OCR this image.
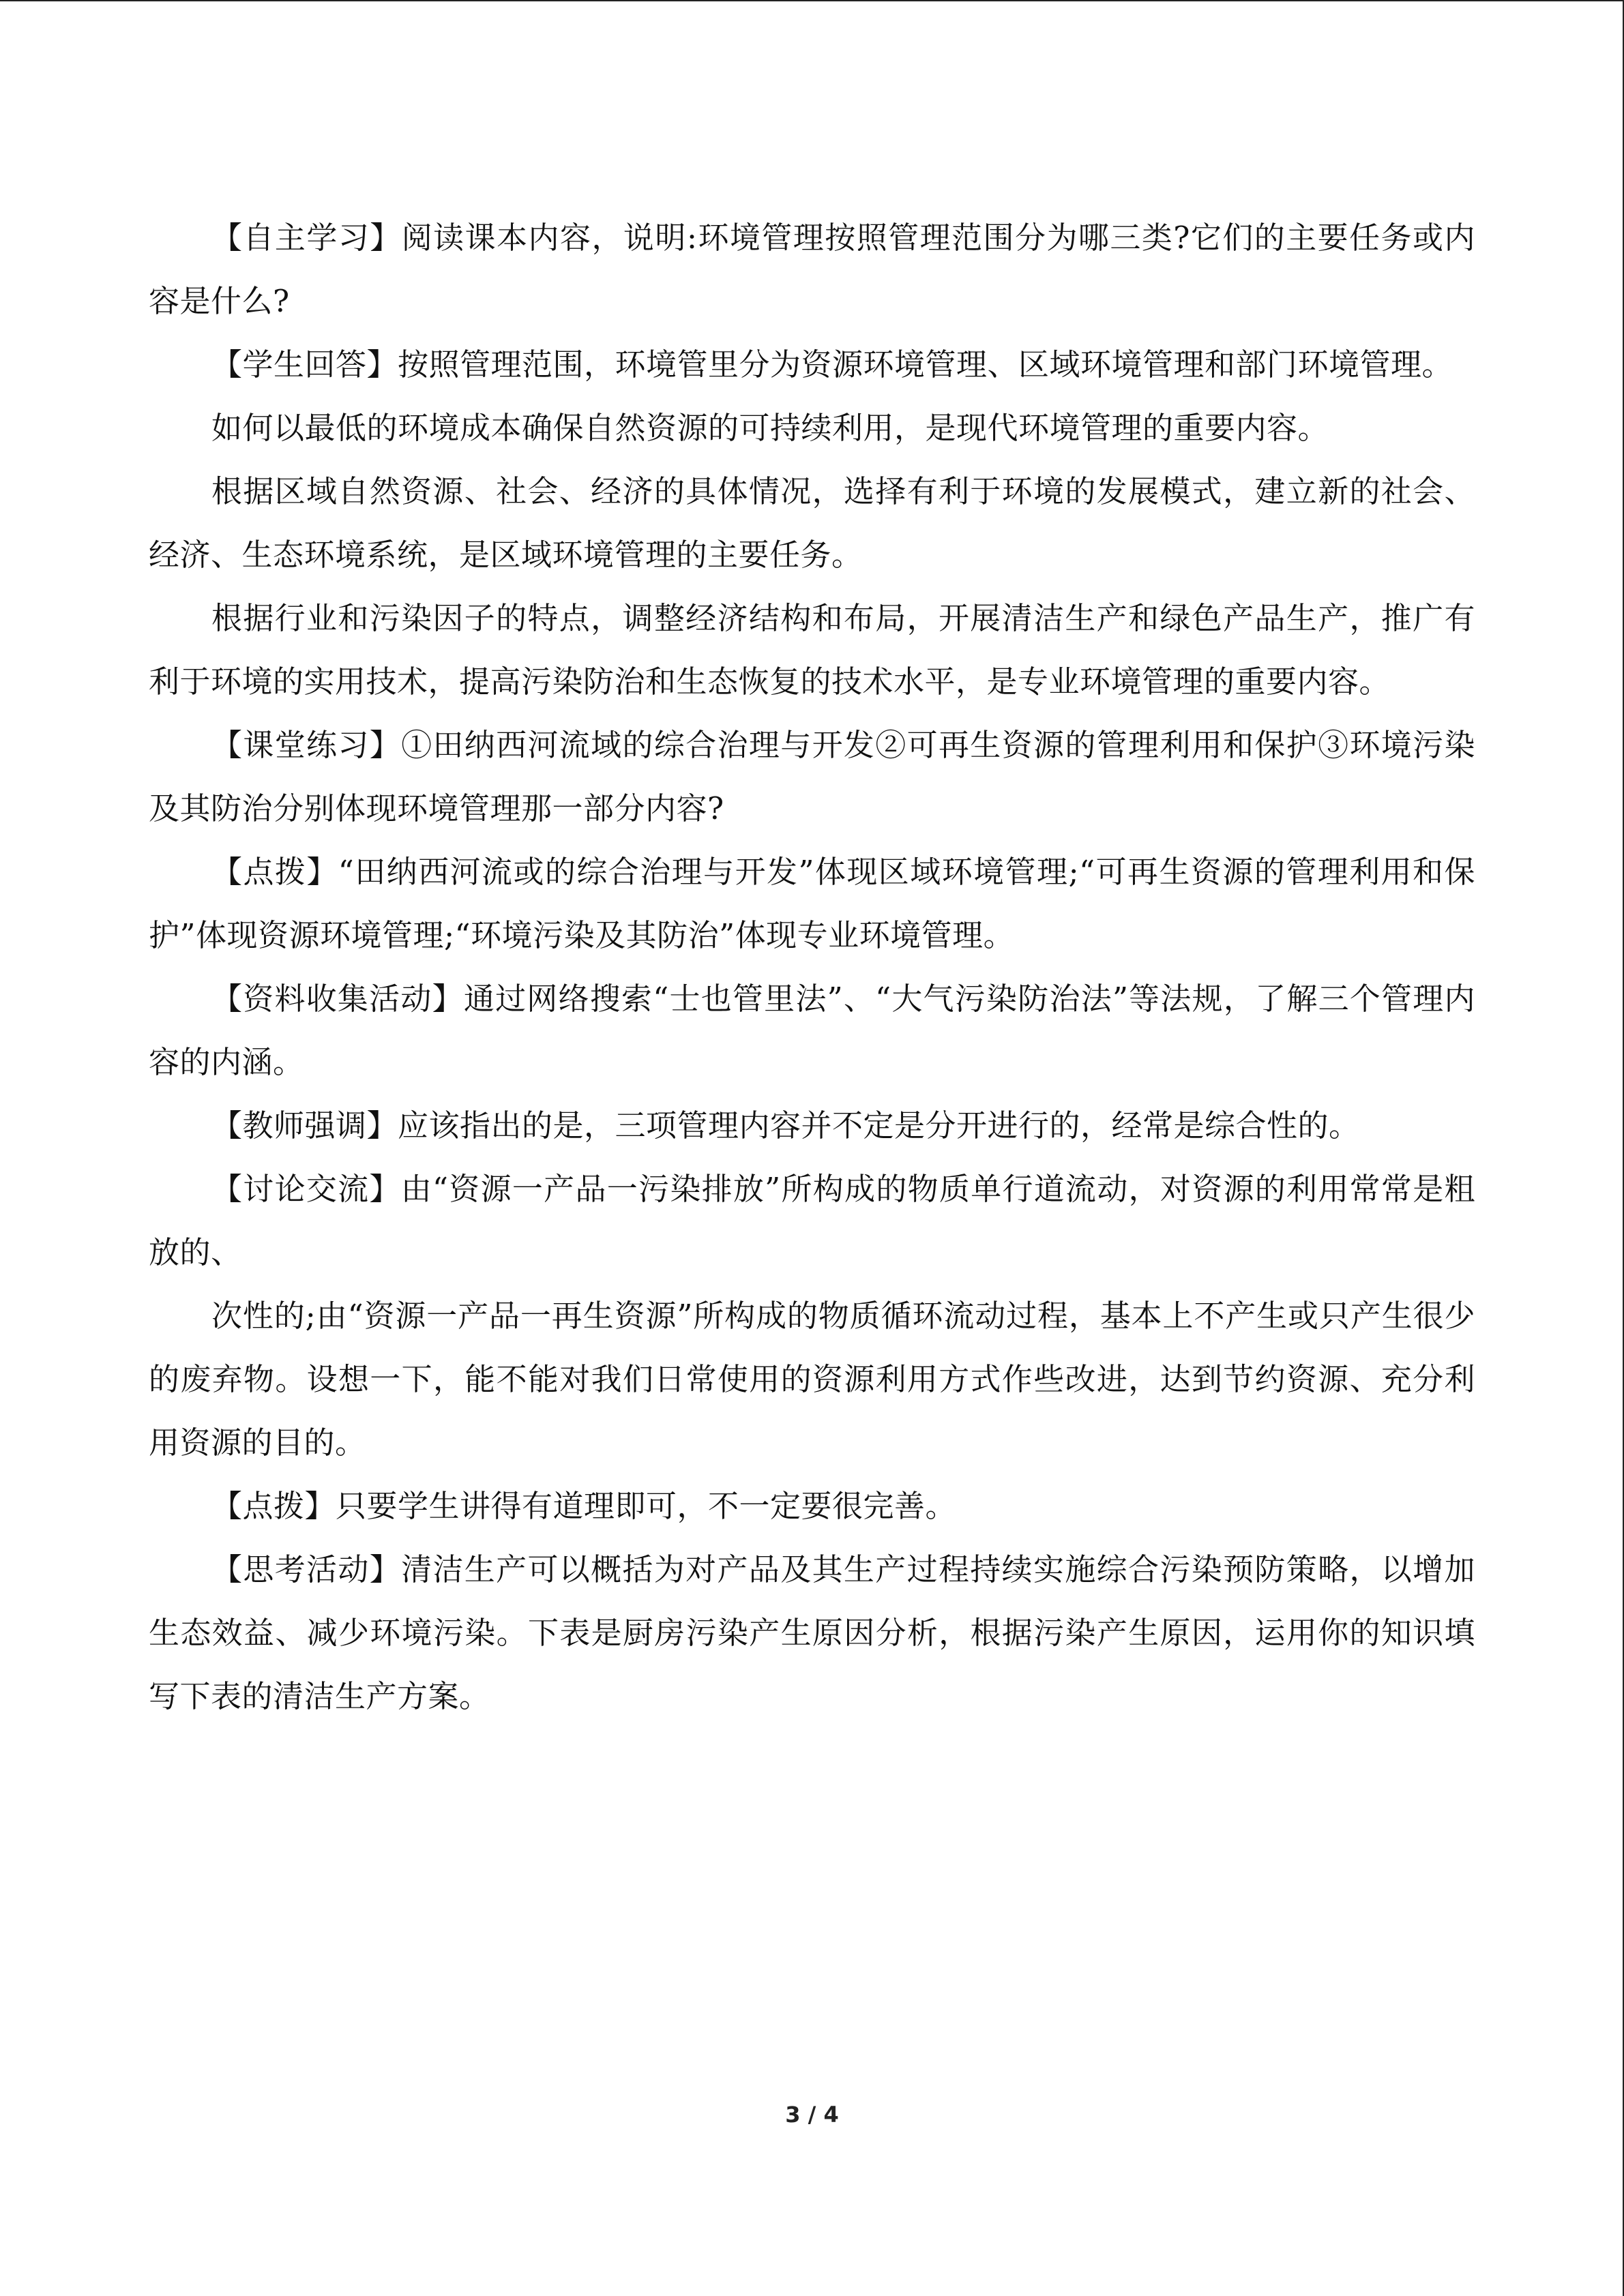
【自主学习】阅读课本内容，说明:环境管理按照管理范围分为哪三类?它们的主要任务或内容是什么?

【学生回答】按照管理范围，环境管里分为资源环境管理、区域环境管理和部门环境管理。

如何以最低的环境成本确保自然资源的可持续利用，是现代环境管理的重要内容。

根据区域自然资源、社会、经济的具体情况，选择有利于环境的发展模式，建立新的社会、经济、生态环境系统，是区域环境管理的主要任务。

根据行业和污染因子的特点，调整经济结构和布局，开展清洁生产和绿色产品生产，推广有利于环境的实用技术，提高污染防治和生态恢复的技术水平，是专业环境管理的重要内容。

【课堂练习】①田纳西河流域的综合治理与开发②可再生资源的管理利用和保护③环境污染及其防治分别体现环境管理那一部分内容?

【点拨】“田纳西河流或的综合治理与开发”体现区域环境管理;“可再生资源的管理利用和保护”体现资源环境管理;“环境污染及其防治”体现专业环境管理。

【资料收集活动】通过网络搜索“士也管里法”、“大气污染防治法”等法规，了解三个管理内容的内涵。

【教师强调】应该指出的是，三项管理内容并不定是分开进行的，经常是综合性的。

【讨论交流】由“资源一产品一污染排放”所构成的物质单行道流动，对资源的利用常常是粗放的、

次性的;由“资源一产品一再生资源”所构成的物质循环流动过程，基本上不产生或只产生很少的废弃物。设想一下，能不能对我们日常使用的资源利用方式作些改进，达到节约资源、充分利用资源的目的。

【点拨】只要学生讲得有道理即可，不一定要很完善。

【思考活动】清洁生产可以概括为对产品及其生产过程持续实施综合污染预防策略，以增加生态效益、减少环境污染。下表是厨房污染产生原因分析，根据污染产生原因，运用你的知识填写下表的清洁生产方案。

3 / 4
